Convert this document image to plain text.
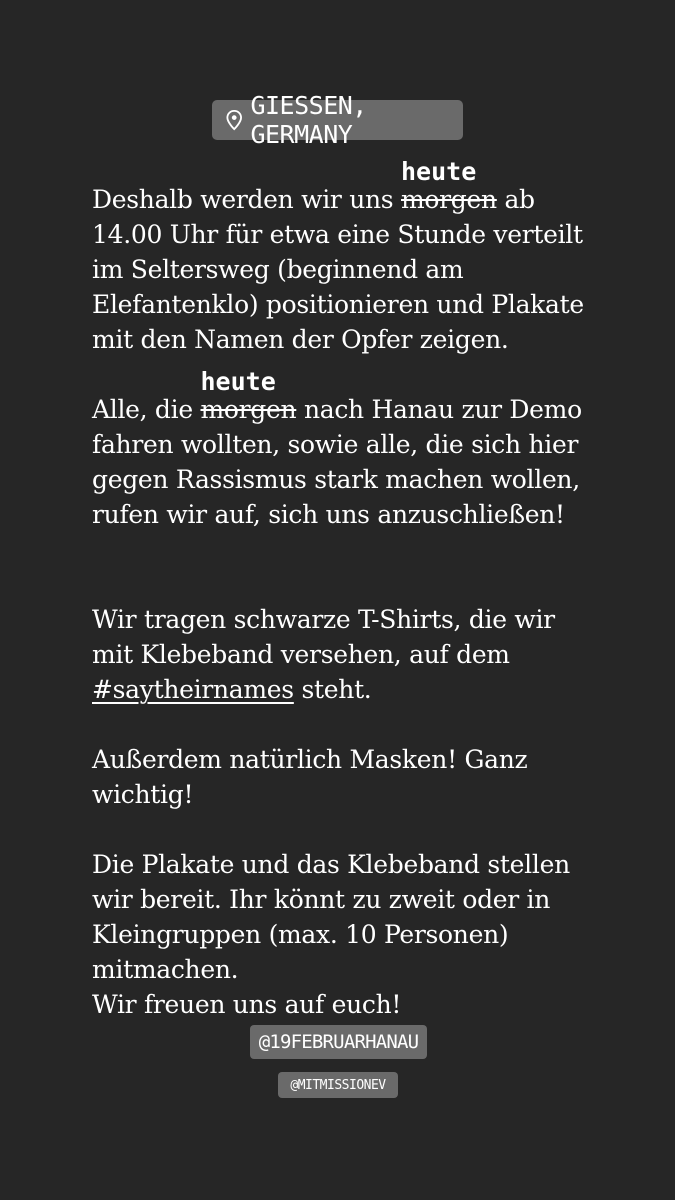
GIESSEN, GERMANY

Deshalb werden wir uns morgen
heute
ab
14.00 Uhr für etwa eine Stunde verteilt
im Seltersweg (beginnend am
Elefantenklo) positionieren und Plakate
mit den Namen der Opfer zeigen.

Alle, die morgen
heute
nach Hanau zur Demo
fahren wollten, sowie alle, die sich hier
gegen Rassismus stark machen wollen,
rufen wir auf, sich uns anzuschließen!

Wir tragen schwarze T-Shirts, die wir
mit Klebeband versehen, auf dem
#saytheirnames steht.

Außerdem natürlich Masken! Ganz
wichtig!

Die Plakate und das Klebeband stellen
wir bereit. Ihr könnt zu zweit oder in
Kleingruppen (max. 10 Personen)
mitmachen.
Wir freuen uns auf euch!

@19FEBRUARHANAU
@MITMISSIONEV
